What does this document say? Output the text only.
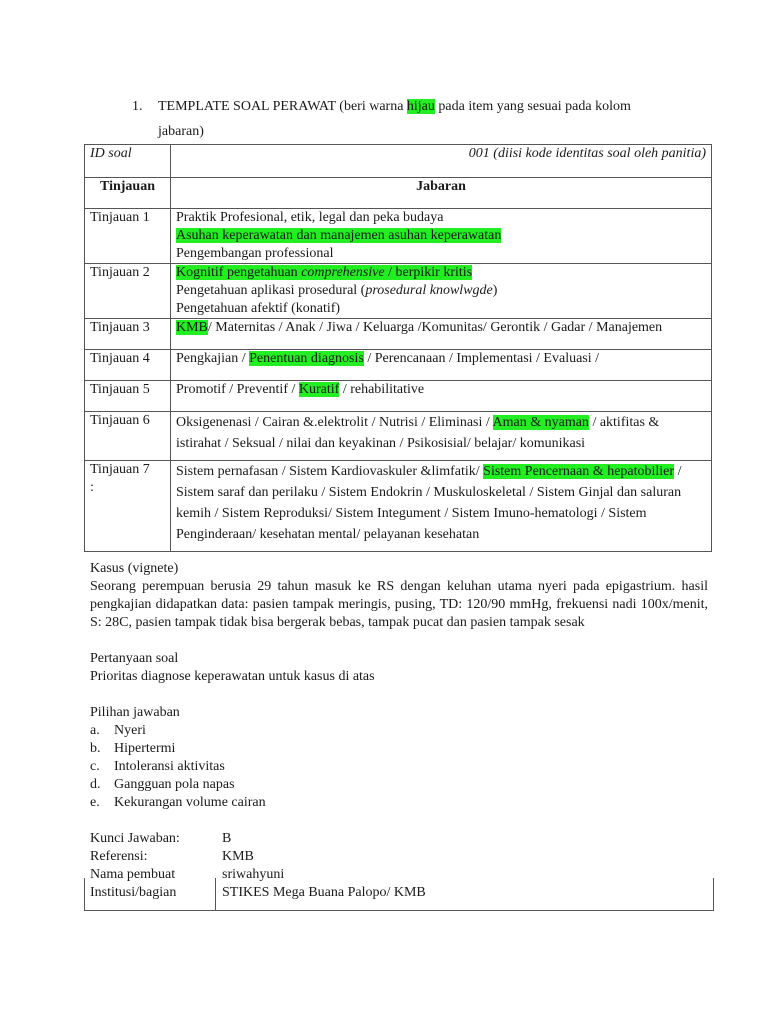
1. TEMPLATE SOAL PERAWAT (beri warna hijau pada item yang sesuai pada kolom
jabaran)
ID soal	001 (diisi kode identitas soal oleh panitia)
Tinjauan	Jabaran
Tinjauan 1	Praktik Profesional, etik, legal dan peka budaya
Asuhan keperawatan dan manajemen asuhan keperawatan
Pengembangan professional

Tinjauan 2	Kognitif pengetahuan comprehensive / berpikir kritis
Pengetahuan aplikasi prosedural (prosedural knowlwgde)
Pengetahuan afektif (konatif)

Tinjauan 3	KMB/ Maternitas / Anak / Jiwa / Keluarga /Komunitas/ Gerontik / Gadar / Manajemen
Tinjauan 4	Pengkajian / Penentuan diagnosis / Perencanaan / Implementasi / Evaluasi /
Tinjauan 5	Promotif / Preventif / Kuratif / rehabilitative
Tinjauan 6	Oksigenenasi / Cairan &.elektrolit / Nutrisi / Eliminasi / Aman & nyaman / aktifitas & istirahat / Seksual / nilai dan keyakinan / Psikosisial/ belajar/ komunikasi

Tinjauan 7
:	Sistem pernafasan / Sistem Kardiovaskuler &limfatik/ Sistem Pencernaan & hepatobilier / Sistem saraf dan perilaku / Sistem Endokrin / Muskuloskeletal / Sistem Ginjal dan saluran kemih / Sistem Reproduksi/ Sistem Integument / Sistem Imuno-hematologi / Sistem Penginderaan/ kesehatan mental/ pelayanan kesehatan
Kasus (vignete)
Seorang perempuan berusia 29 tahun masuk ke RS dengan keluhan utama nyeri pada epigastrium. hasil pengkajian didapatkan data: pasien tampak meringis, pusing, TD: 120/90 mmHg, frekuensi nadi 100x/menit, S: 28C, pasien tampak tidak bisa bergerak bebas, tampak pucat dan pasien tampak sesak
Pertanyaan soal
Prioritas diagnose keperawatan untuk kasus di atas
Pilihan jawaban
a.	Nyeri
b. Hipertermi
c.	Intoleransi aktivitas
d. Gangguan pola napas
e.	Kekurangan volume cairan
Kunci Jawaban:	B
Referensi:	KMB
Nama pembuat	sriwahyuni
Institusi/bagian	STIKES Mega Buana Palopo/ KMB
